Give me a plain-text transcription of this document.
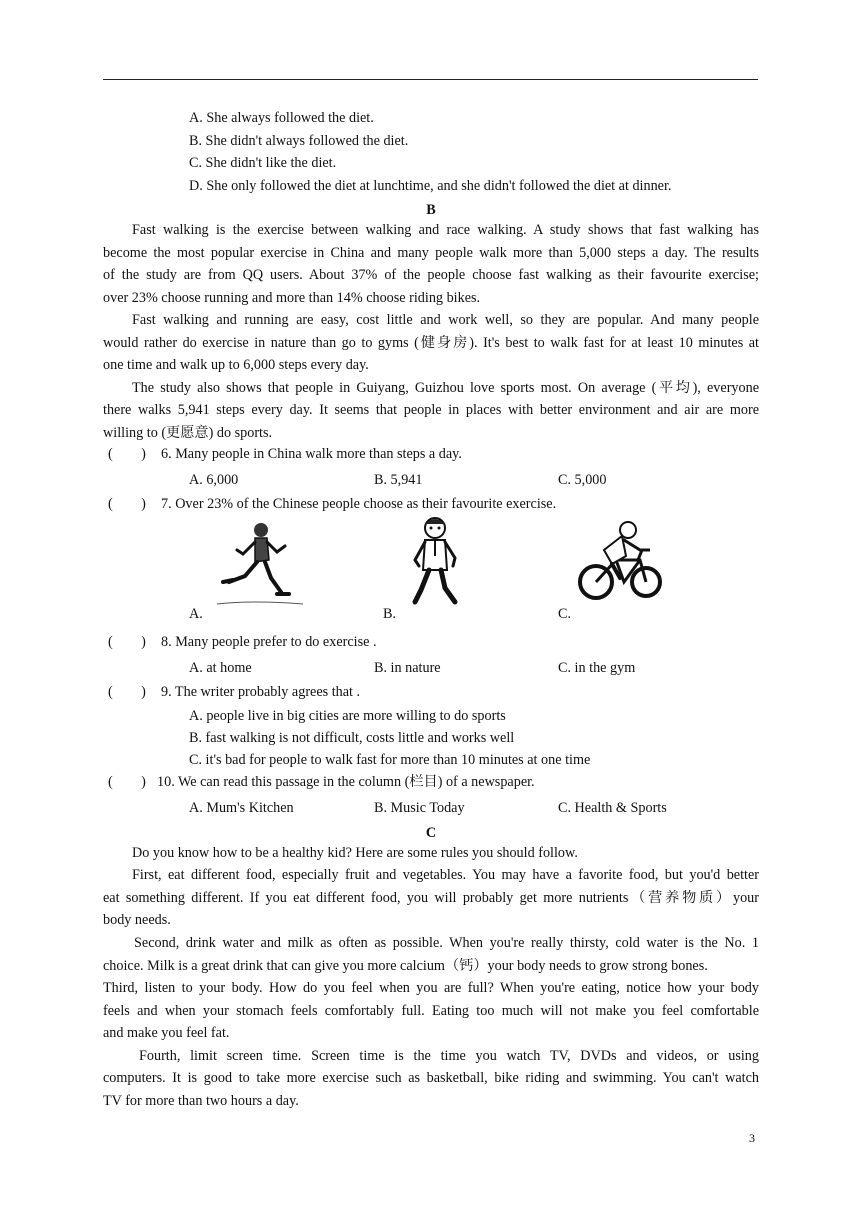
A. She always followed the diet.
B. She didn't always followed the diet.
C. She didn't like the diet.
D. She only followed the diet at lunchtime, and she didn't followed the diet at dinner.
B
Fast walking is the exercise between walking and race walking. A study shows that fast walking has
become the most popular exercise in China and many people walk more than 5,000 steps a day. The results
of the study are from QQ users. About 37% of the people choose fast walking as their favourite exercise;
over 23% choose running and more than 14% choose riding bikes.
Fast walking and running are easy, cost little and work well, so they are popular. And many people
would rather do exercise in nature than go to gyms (健身房). It's best to walk fast for at least 10 minutes at
one time and walk up to 6,000 steps every day.
The study also shows that people in Guiyang, Guizhou love sports most. On average (平均), everyone
there walks 5,941 steps every day. It seems that people in places with better environment and air are more
willing to (更愿意) do sports.
(　　) 6. Many people in China walk more than steps a day.
A. 6,000	B. 5,941	C. 5,000
(　　) 7. Over 23% of the Chinese people choose as their favourite exercise.
A.	B.	C.
(　　) 8. Many people prefer to do exercise .
A. at home	B. in nature	C. in the gym
(　　) 9. The writer probably agrees that .
A. people live in big cities are more willing to do sports
B. fast walking is not difficult, costs little and works well
C. it's bad for people to walk fast for more than 10 minutes at one time
(　　) 10. We can read this passage in the column (栏目) of a newspaper.
A. Mum's Kitchen	B. Music Today	C. Health & Sports
C
Do you know how to be a healthy kid? Here are some rules you should follow.
First, eat different food, especially fruit and vegetables. You may have a favorite food, but you'd better
eat something different. If you eat different food, you will probably get more nutrients（营养物质）your
body needs.
Second, drink water and milk as often as possible. When you're really thirsty, cold water is the No. 1
choice. Milk is a great drink that can give you more calcium（钙）your body needs to grow strong bones.
Third, listen to your body. How do you feel when you are full? When you're eating, notice how your body
feels and when your stomach feels comfortably full. Eating too much will not make you feel comfortable
and make you feel fat.
Fourth, limit screen time. Screen time is the time you watch TV, DVDs and videos, or using
computers. It is good to take more exercise such as basketball, bike riding and swimming. You can't watch
TV for more than two hours a day.
3
